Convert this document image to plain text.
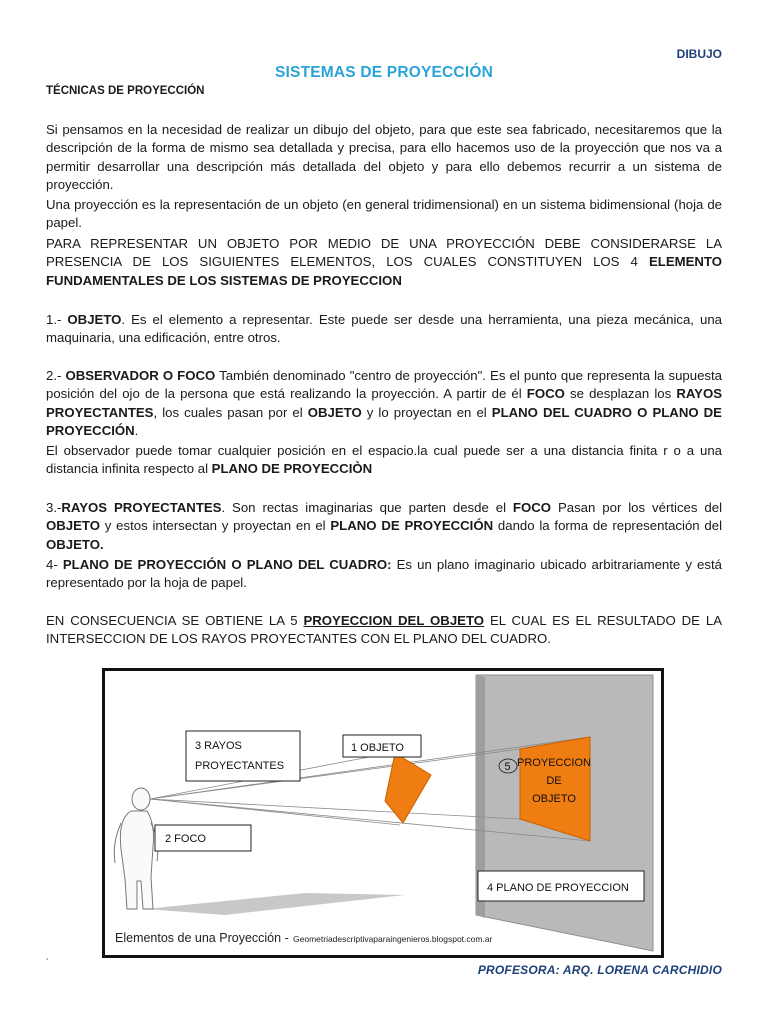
DIBUJO
SISTEMAS DE PROYECCIÓN
TÉCNICAS DE PROYECCIÓN
Si pensamos en la necesidad de realizar un dibujo del objeto, para que este sea fabricado, necesitaremos que la descripción de la forma de mismo sea detallada y precisa, para ello hacemos uso de la proyección que nos va a permitir desarrollar una descripción más detallada del objeto y para ello debemos recurrir a un sistema de proyección.
Una proyección es la representación de un objeto (en general tridimensional) en un sistema bidimensional (hoja de papel.
PARA REPRESENTAR UN OBJETO POR MEDIO DE UNA PROYECCIÓN DEBE CONSIDERARSE LA PRESENCIA DE LOS SIGUIENTES ELEMENTOS, LOS CUALES CONSTITUYEN LOS 4 ELEMENTO FUNDAMENTALES DE LOS SISTEMAS DE PROYECCION
1.- OBJETO. Es el elemento a representar. Este puede ser desde una herramienta, una pieza mecánica, una maquinaria, una edificación, entre otros.
2.- OBSERVADOR O FOCO También denominado "centro de proyección". Es el punto que representa la supuesta posición del ojo de la persona que está realizando la proyección. A partir de él FOCO se desplazan los RAYOS PROYECTANTES, los cuales pasan por el OBJETO y lo proyectan en el PLANO DEL CUADRO O PLANO DE PROYECCIÓN.
El observador puede tomar cualquier posición en el espacio.la cual puede ser a una distancia finita r o a una distancia infinita respecto al PLANO DE PROYECCIÒN
3.-RAYOS PROYECTANTES. Son rectas imaginarias que parten desde el FOCO Pasan por los vértices del OBJETO y estos intersectan y proyectan en el PLANO DE PROYECCIÓN dando la forma de representación del OBJETO.
4- PLANO DE PROYECCIÓN O PLANO DEL CUADRO: Es un plano imaginario ubicado arbitrariamente y está representado por la hoja de papel.
EN CONSECUENCIA SE OBTIENE LA 5 PROYECCION DEL OBJETO EL CUAL ES EL RESULTADO DE LA INTERSECCION DE LOS RAYOS PROYECTANTES CON EL PLANO DEL CUADRO.
3 RAYOS
PROYECTANTES
1 OBJETO
2 FOCO
5 PROYECCION
DE
OBJETO
4 PLANO DE PROYECCION
Elementos de una Proyección - Geometriadescriptivaparaingenieros.blogspot.com.ar
´	PROFESORA: ARQ. LORENA CARCHIDIO
